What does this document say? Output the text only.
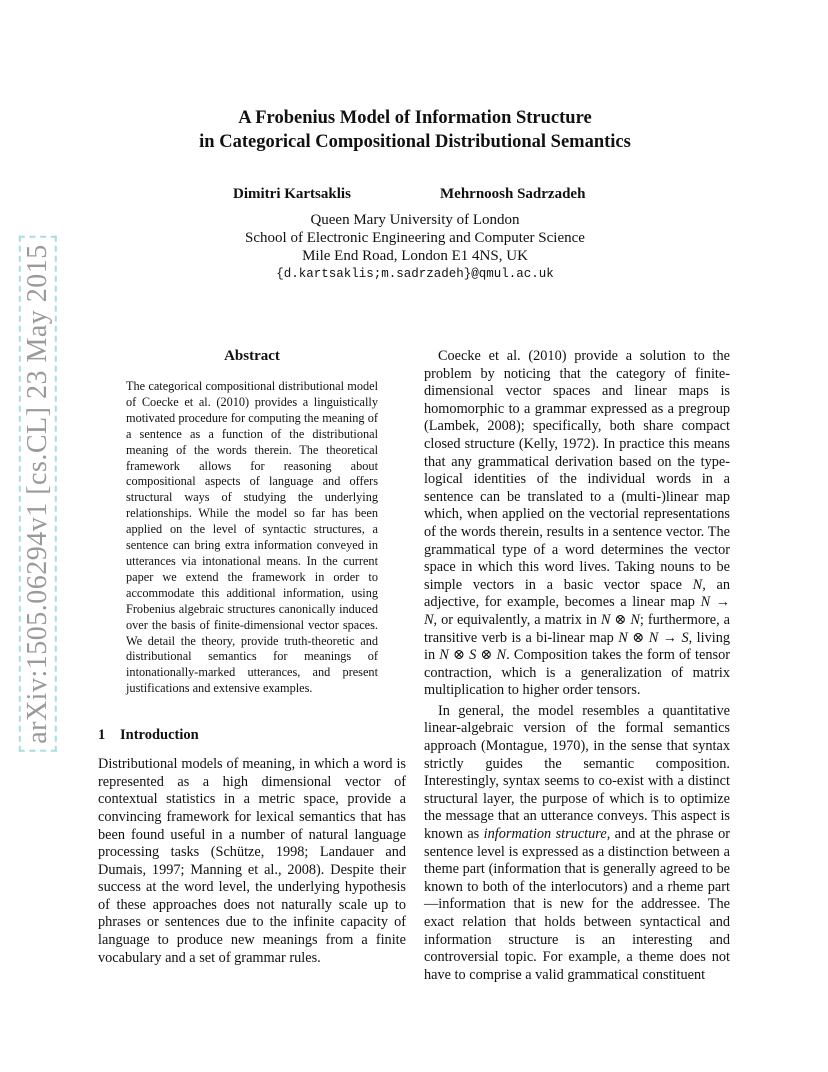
arXiv:1505.06294v1 [cs.CL] 23 May 2015
A Frobenius Model of Information Structure
in Categorical Compositional Distributional Semantics
Dimitri Kartsaklis	Mehrnoosh Sadrzadeh
Queen Mary University of London
School of Electronic Engineering and Computer Science
Mile End Road, London E1 4NS, UK
{d.kartsaklis;m.sadrzadeh}@qmul.ac.uk
Abstract

The categorical compositional distributional model of Coecke et al. (2010) provides a linguistically motivated procedure for computing the meaning of a sentence as a function of the distributional meaning of the words therein. The theoretical framework allows for reasoning about compositional aspects of language and offers structural ways of studying the underlying relationships. While the model so far has been applied on the level of syntactic structures, a sentence can bring extra information conveyed in utterances via intonational means. In the current paper we extend the framework in order to accommodate this additional information, using Frobenius algebraic structures canonically induced over the basis of finite-dimensional vector spaces. We detail the theory, provide truth-theoretic and distributional semantics for meanings of intonationally-marked utterances, and present justifications and extensive examples.

1 Introduction

Distributional models of meaning, in which a word is represented as a high dimensional vector of contextual statistics in a metric space, provide a convincing framework for lexical semantics that has been found useful in a number of natural language processing tasks (Schütze, 1998; Landauer and Dumais, 1997; Manning et al., 2008). Despite their success at the word level, the underlying hypothesis of these approaches does not naturally scale up to phrases or sentences due to the infinite capacity of language to produce new meanings from a finite vocabulary and a set of grammar rules.

Coecke et al. (2010) provide a solution to the problem by noticing that the category of finite-dimensional vector spaces and linear maps is homomorphic to a grammar expressed as a pregroup (Lambek, 2008); specifically, both share compact closed structure (Kelly, 1972). In practice this means that any grammatical derivation based on the type-logical identities of the individual words in a sentence can be translated to a (multi-)linear map which, when applied on the vectorial representations of the words therein, results in a sentence vector. The grammatical type of a word determines the vector space in which this word lives. Taking nouns to be simple vectors in a basic vector space N, an adjective, for example, becomes a linear map N → N, or equivalently, a matrix in N ⊗ N; furthermore, a transitive verb is a bi-linear map N ⊗ N → S, living in N ⊗ S ⊗ N. Composition takes the form of tensor contraction, which is a generalization of matrix multiplication to higher order tensors.

In general, the model resembles a quantitative linear-algebraic version of the formal semantics approach (Montague, 1970), in the sense that syntax strictly guides the semantic composition. Interestingly, syntax seems to co-exist with a distinct structural layer, the purpose of which is to optimize the message that an utterance conveys. This aspect is known as information structure, and at the phrase or sentence level is expressed as a distinction between a theme part (information that is generally agreed to be known to both of the interlocutors) and a rheme part—information that is new for the addressee. The exact relation that holds between syntactical and information structure is an interesting and controversial topic. For example, a theme does not have to comprise a valid grammatical constituent
